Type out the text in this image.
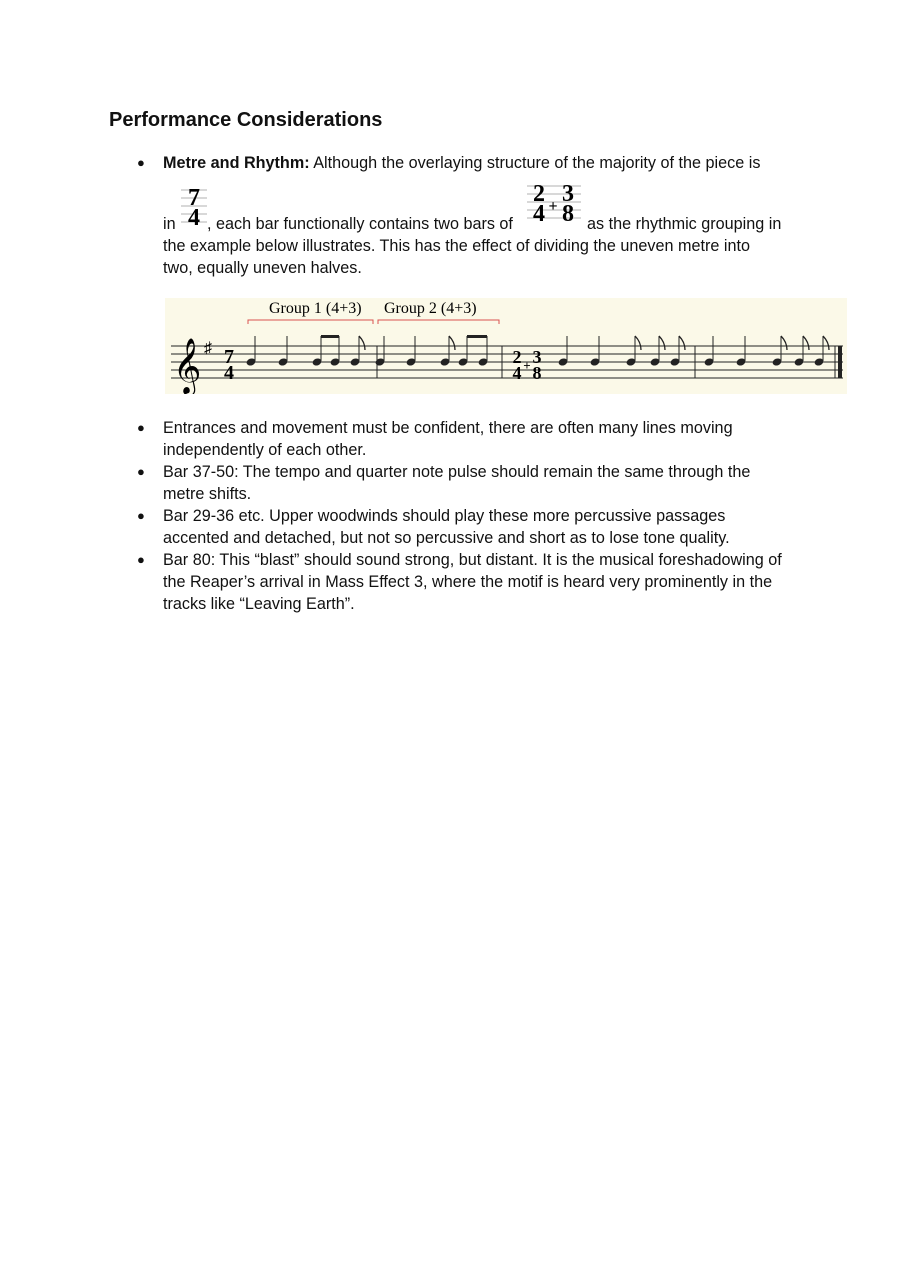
Performance Considerations
● Metre and Rhythm: Although the overlaying structure of the majority of the piece is
in
7
4 , each bar functionally contains two bars of
2
4 + 3
8 as the rhythmic grouping in
the example below illustrates. This has the effect of dividing the uneven metre into
two, equally uneven halves.
Group 1 (4+3) Group 2 (4+3)
𝄞 ♯ 7
4
2
4 + 3
8
● Entrances and movement must be confident, there are often many lines moving independently of each other.
● Bar 37-50: The tempo and quarter note pulse should remain the same through the metre shifts.
● Bar 29-36 etc. Upper woodwinds should play these more percussive passages accented and detached, but not so percussive and short as to lose tone quality.
● Bar 80: This “blast” should sound strong, but distant. It is the musical foreshadowing of the Reaper’s arrival in Mass Effect 3, where the motif is heard very prominently in the tracks like “Leaving Earth”.
